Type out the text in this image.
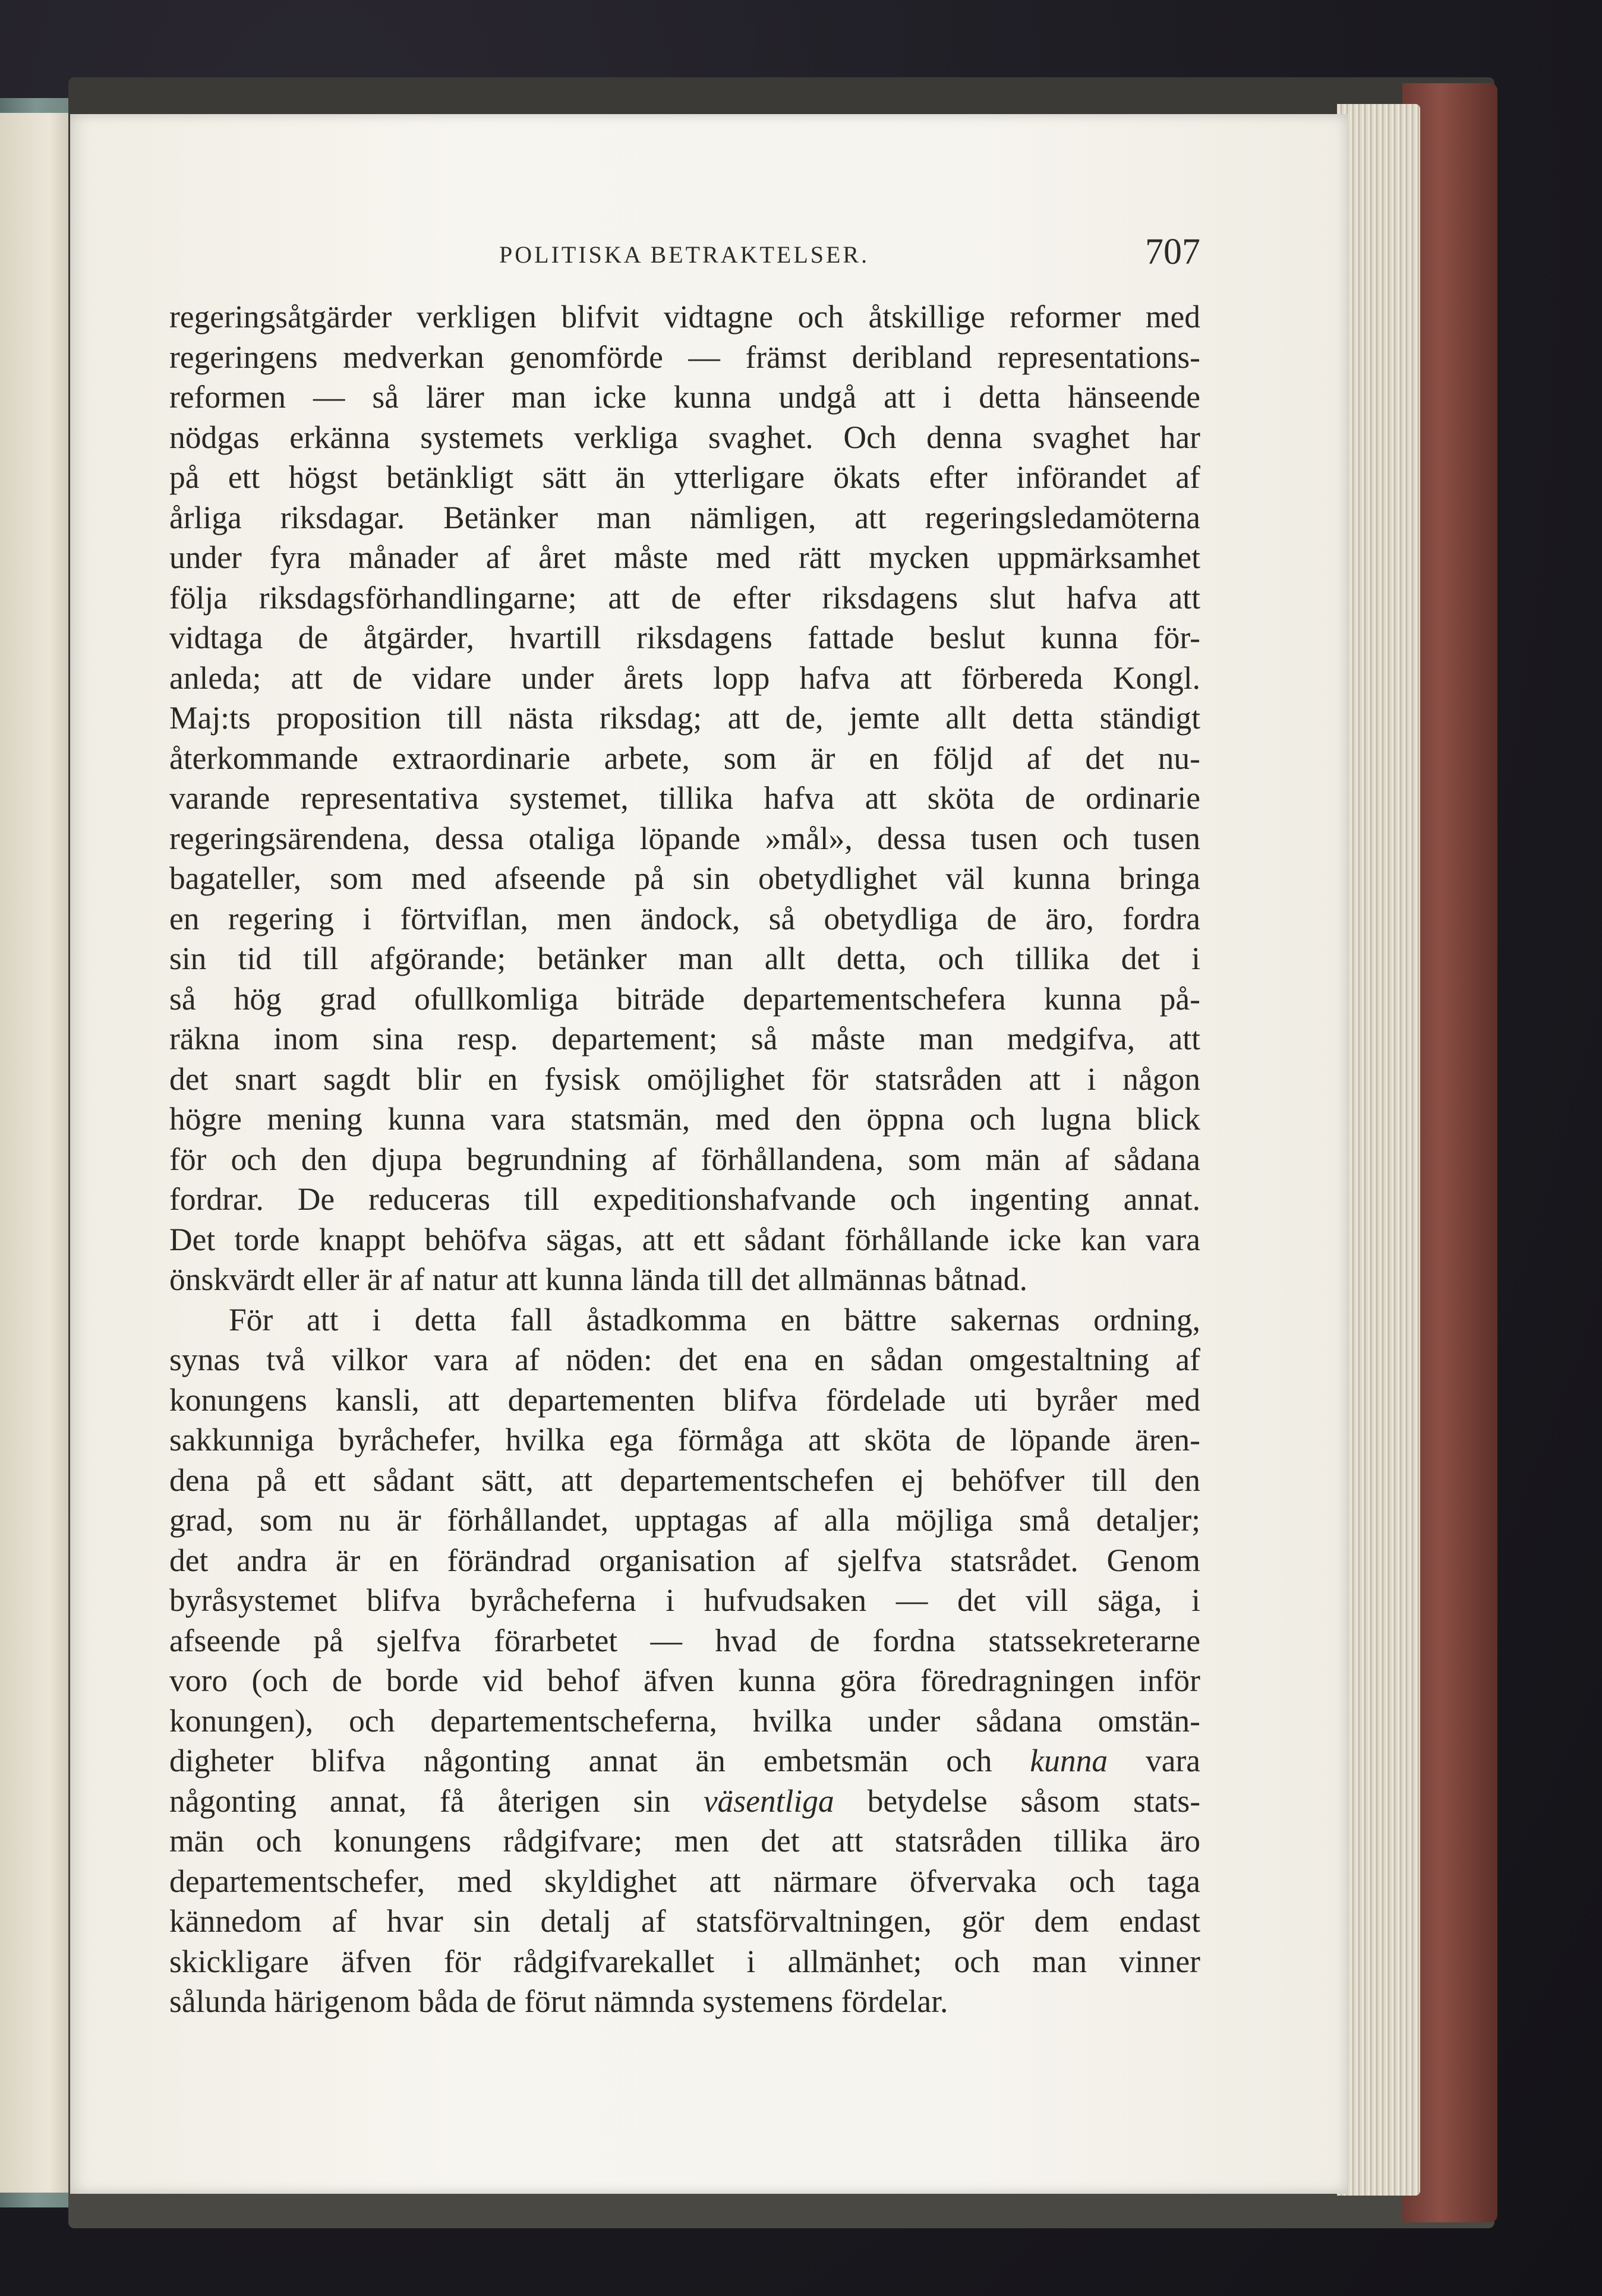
POLITISKA BETRAKTELSER.	707
regeringsåtgärder verkligen blifvit vidtagne och åtskillige reformer med
regeringens medverkan genomförde — främst deribland representations-
reformen — så lärer man icke kunna undgå att i detta hänseende
nödgas erkänna systemets verkliga svaghet. Och denna svaghet har
på ett högst betänkligt sätt än ytterligare ökats efter införandet af
årliga riksdagar. Betänker man nämligen, att regeringsledamöterna
under fyra månader af året måste med rätt mycken uppmärksamhet
följa riksdagsförhandlingarne; att de efter riksdagens slut hafva att
vidtaga de åtgärder, hvartill riksdagens fattade beslut kunna för-
anleda; att de vidare under årets lopp hafva att förbereda Kongl.
Maj:ts proposition till nästa riksdag; att de, jemte allt detta ständigt
återkommande extraordinarie arbete, som är en följd af det nu-
varande representativa systemet, tillika hafva att sköta de ordinarie
regeringsärendena, dessa otaliga löpande »mål», dessa tusen och tusen
bagateller, som med afseende på sin obetydlighet väl kunna bringa
en regering i förtviflan, men ändock, så obetydliga de äro, fordra
sin tid till afgörande; betänker man allt detta, och tillika det i
så hög grad ofullkomliga biträde departementschefera kunna på-
räkna inom sina resp. departement; så måste man medgifva, att
det snart sagdt blir en fysisk omöjlighet för statsråden att i någon
högre mening kunna vara statsmän, med den öppna och lugna blick
för och den djupa begrundning af förhållandena, som män af sådana
fordrar. De reduceras till expeditionshafvande och ingenting annat.
Det torde knappt behöfva sägas, att ett sådant förhållande icke kan vara
önskvärdt eller är af natur att kunna lända till det allmännas båtnad.
För att i detta fall åstadkomma en bättre sakernas ordning,
synas två vilkor vara af nöden: det ena en sådan omgestaltning af
konungens kansli, att departementen blifva fördelade uti byråer med
sakkunniga byråchefer, hvilka ega förmåga att sköta de löpande ären-
dena på ett sådant sätt, att departementschefen ej behöfver till den
grad, som nu är förhållandet, upptagas af alla möjliga små detaljer;
det andra är en förändrad organisation af sjelfva statsrådet. Genom
byråsystemet blifva byråcheferna i hufvudsaken — det vill säga, i
afseende på sjelfva förarbetet — hvad de fordna statssekreterarne
voro (och de borde vid behof äfven kunna göra föredragningen inför
konungen), och departementscheferna, hvilka under sådana omstän-
digheter blifva någonting annat än embetsmän och kunna vara
någonting annat, få återigen sin väsentliga betydelse såsom stats-
män och konungens rådgifvare; men det att statsråden tillika äro
departementschefer, med skyldighet att närmare öfvervaka och taga
kännedom af hvar sin detalj af statsförvaltningen, gör dem endast
skickligare äfven för rådgifvarekallet i allmänhet; och man vinner
sålunda härigenom båda de förut nämnda systemens fördelar.
